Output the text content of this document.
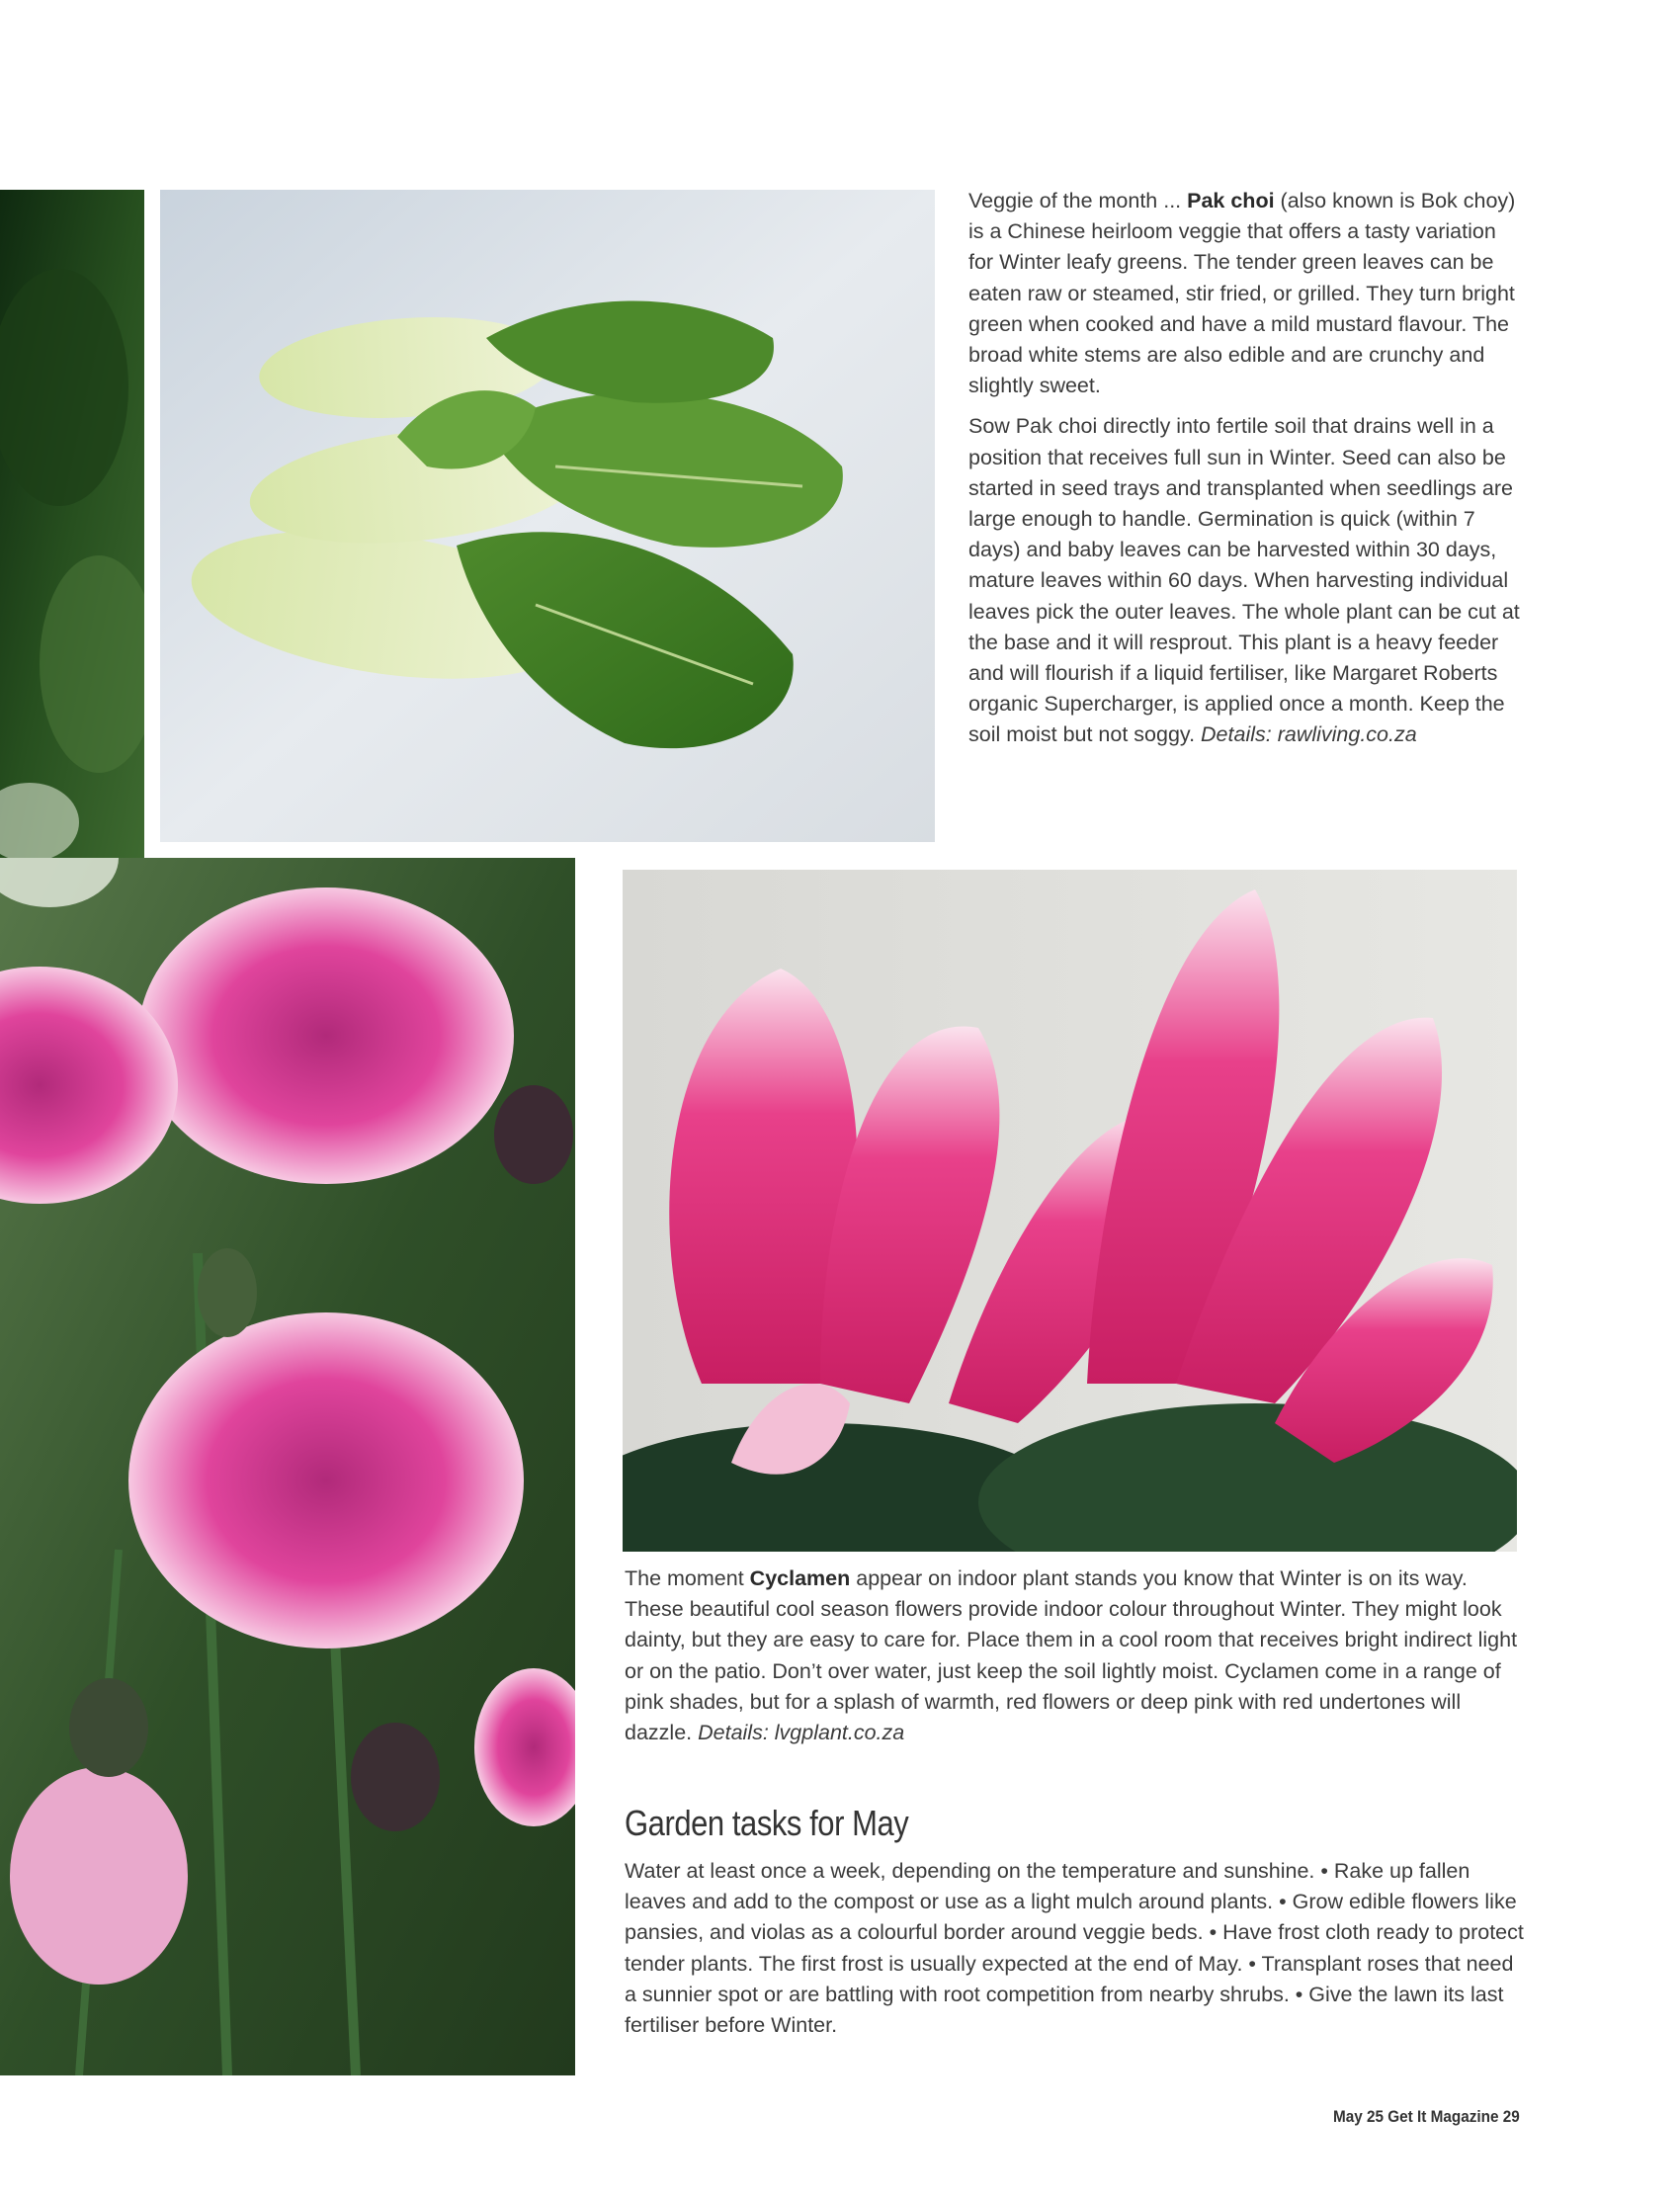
Veggie of the month ... Pak choi (also known is Bok choy) is a Chinese heirloom veggie that offers a tasty variation for Winter leafy greens. The tender green leaves can be eaten raw or steamed, stir fried, or grilled. They turn bright green when cooked and have a mild mustard flavour. The broad white stems are also edible and are crunchy and slightly sweet.

Sow Pak choi directly into fertile soil that drains well in a position that receives full sun in Winter. Seed can also be started in seed trays and transplanted when seedlings are large enough to handle. Germination is quick (within 7 days) and baby leaves can be harvested within 30 days, mature leaves within 60 days. When harvesting individual leaves pick the outer leaves. The whole plant can be cut at the base and it will resprout. This plant is a heavy feeder and will flourish if a liquid fertiliser, like Margaret Roberts organic Supercharger, is applied once a month. Keep the soil moist but not soggy. Details: rawliving.co.za

The moment Cyclamen appear on indoor plant stands you know that Winter is on its way. These beautiful cool season flowers provide indoor colour throughout Winter. They might look dainty, but they are easy to care for. Place them in a cool room that receives bright indirect light or on the patio. Don’t over water, just keep the soil lightly moist. Cyclamen come in a range of pink shades, but for a splash of warmth, red flowers or deep pink with red undertones will dazzle. Details: lvgplant.co.za

Garden tasks for May

Water at least once a week, depending on the temperature and sunshine. • Rake up fallen leaves and add to the compost or use as a light mulch around plants. • Grow edible flowers like pansies, and violas as a colourful border around veggie beds. • Have frost cloth ready to protect tender plants. The first frost is usually expected at the end of May. • Transplant roses that need a sunnier spot or are battling with root competition from nearby shrubs. • Give the lawn its last fertiliser before Winter.

May 25 Get It Magazine 29
